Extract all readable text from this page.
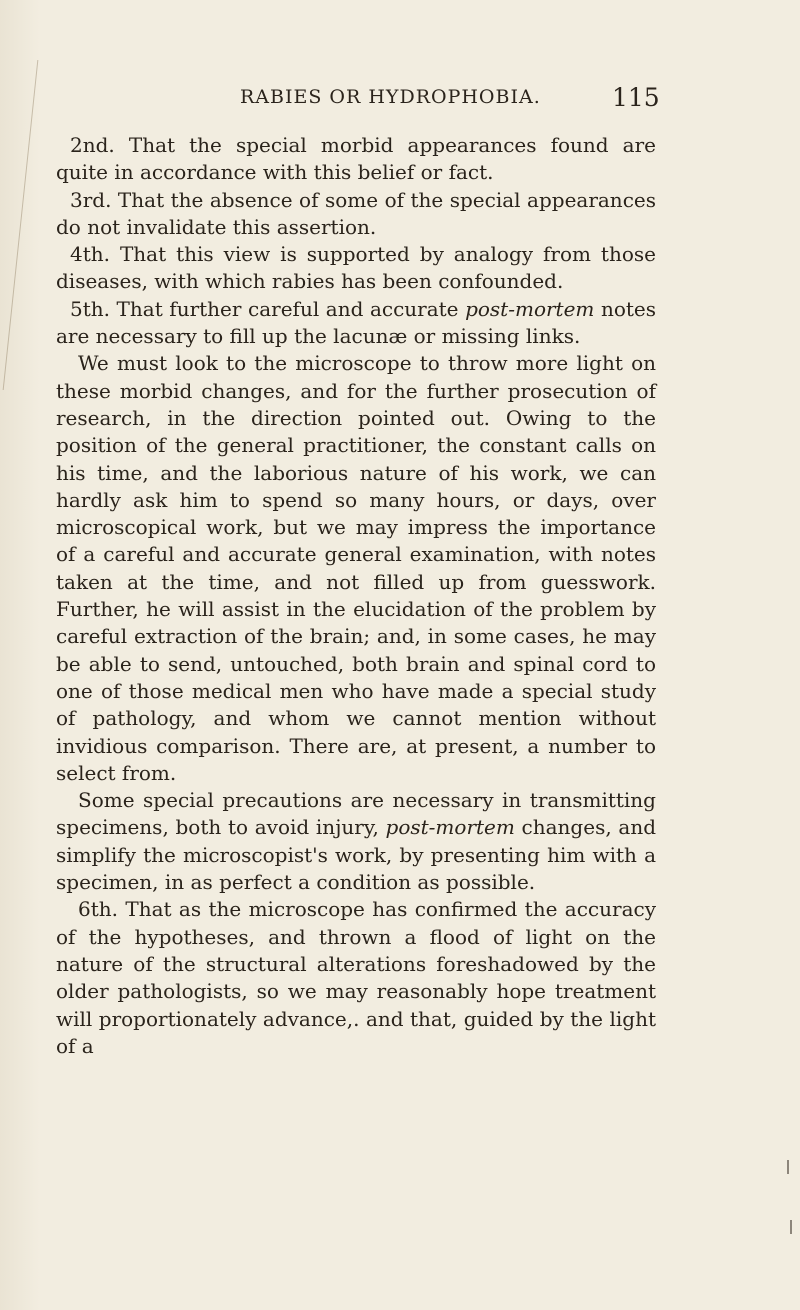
RABIES OR HYDROPHOBIA.	115

2nd. That the special morbid appearances found are quite in accordance with this belief or fact.

3rd. That the absence of some of the special appearances do not invalidate this assertion.

4th. That this view is supported by analogy from those diseases, with which rabies has been confounded.

5th. That further careful and accurate post-mortem notes are necessary to fill up the lacunæ or missing links.

We must look to the microscope to throw more light on these morbid changes, and for the further prosecution of research, in the direction pointed out. Owing to the position of the general practitioner, the constant calls on his time, and the laborious nature of his work, we can hardly ask him to spend so many hours, or days, over microscopical work, but we may impress the importance of a careful and accurate general examination, with notes taken at the time, and not filled up from guesswork. Further, he will assist in the elucidation of the problem by careful extraction of the brain; and, in some cases, he may be able to send, untouched, both brain and spinal cord to one of those medical men who have made a special study of pathology, and whom we cannot mention without invidious comparison. There are, at present, a number to select from.

Some special precautions are necessary in transmitting specimens, both to avoid injury, post-mortem changes, and simplify the microscopist's work, by presenting him with a specimen, in as perfect a condition as possible.

6th. That as the microscope has confirmed the accuracy of the hypotheses, and thrown a flood of light on the nature of the structural alterations foreshadowed by the older pathologists, so we may reasonably hope treatment will proportionately advance,. and that, guided by the light of a
